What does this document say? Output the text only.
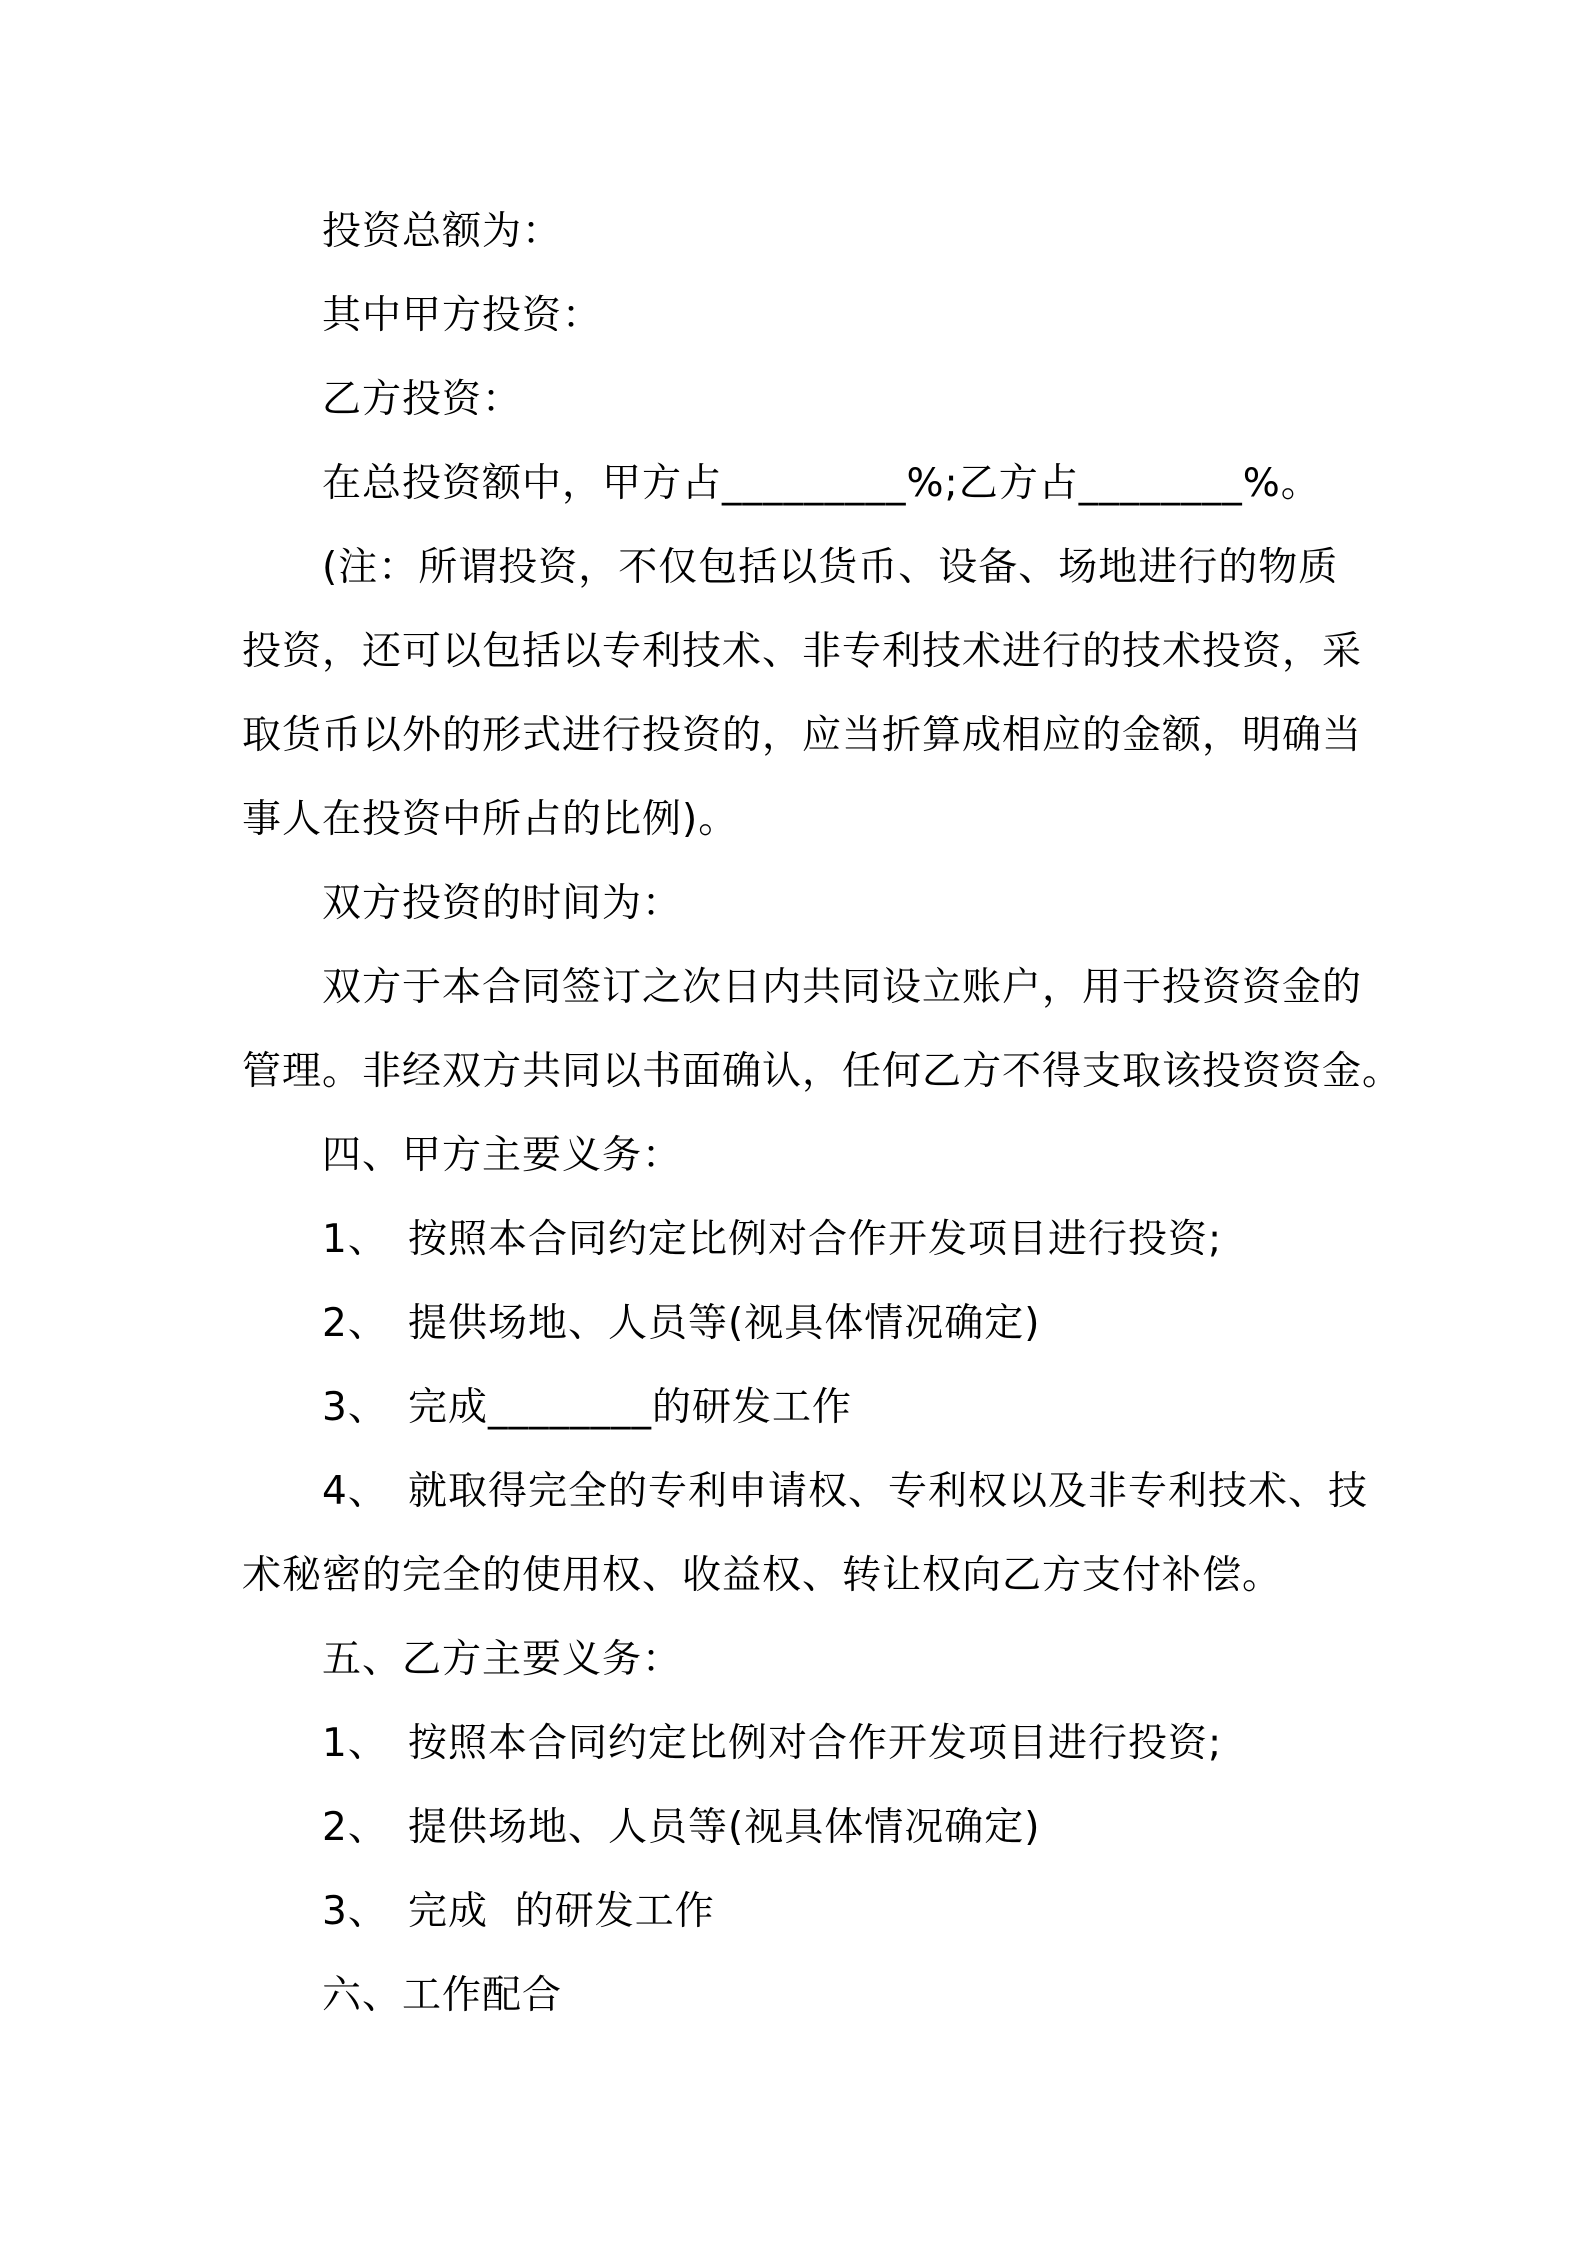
投资总额为：
其中甲方投资：
乙方投资：
在总投资额中，甲方占_________%;乙方占________%。
(注：所谓投资，不仅包括以货币、设备、场地进行的物质
投资，还可以包括以专利技术、非专利技术进行的技术投资，采
取货币以外的形式进行投资的，应当折算成相应的金额，明确当
事人在投资中所占的比例)。
双方投资的时间为：
双方于本合同签订之次日内共同设立账户，用于投资资金的
管理。非经双方共同以书面确认，任何乙方不得支取该投资资金。
四、甲方主要义务：
1、 按照本合同约定比例对合作开发项目进行投资;
2、 提供场地、人员等(视具体情况确定)
3、 完成________的研发工作
4、 就取得完全的专利申请权、专利权以及非专利技术、技
术秘密的完全的使用权、收益权、转让权向乙方支付补偿。
五、乙方主要义务：
1、 按照本合同约定比例对合作开发项目进行投资;
2、 提供场地、人员等(视具体情况确定)
3、 完成  的研发工作
六、工作配合
